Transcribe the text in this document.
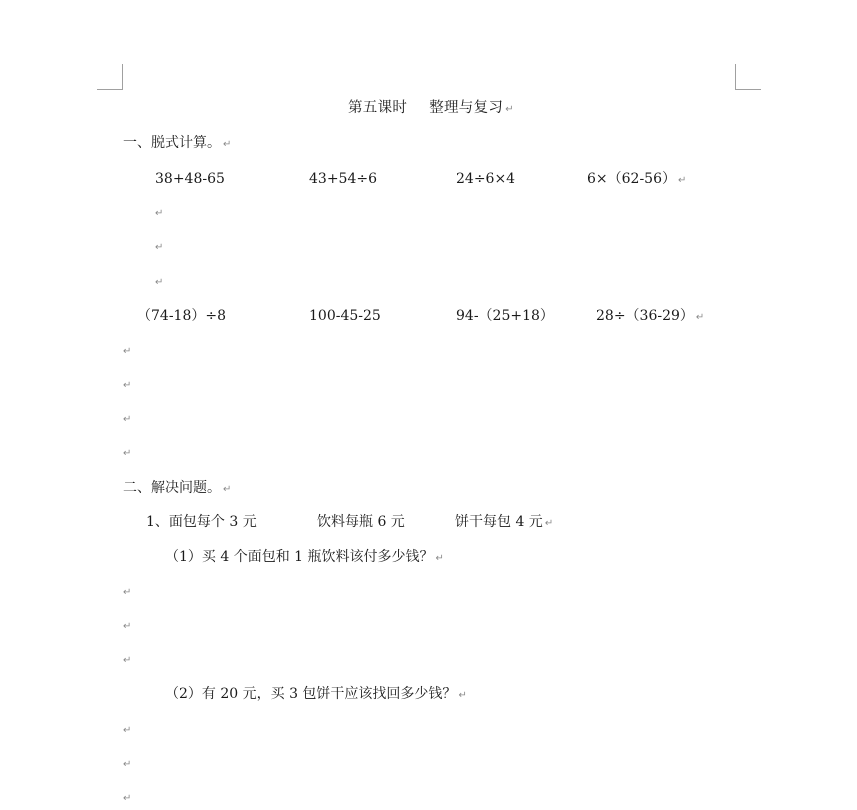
第五课时 整理与复习 ↵
一、脱式计算。 ↵
38+48-65	43+54÷6	24÷6×4	6×（62-56） ↵
↵
↵
↵
（74-18）÷8	100-45-25	94-（25+18）	28÷（36-29） ↵
↵
↵
↵
↵
二、解决问题。 ↵
1、面包每个 3 元	饮料每瓶 6 元	饼干每包 4 元 ↵
（1）买 4 个面包和 1 瓶饮料该付多少钱？ ↵
↵
↵
↵
（2）有 20 元，买 3 包饼干应该找回多少钱？ ↵
↵
↵
↵
